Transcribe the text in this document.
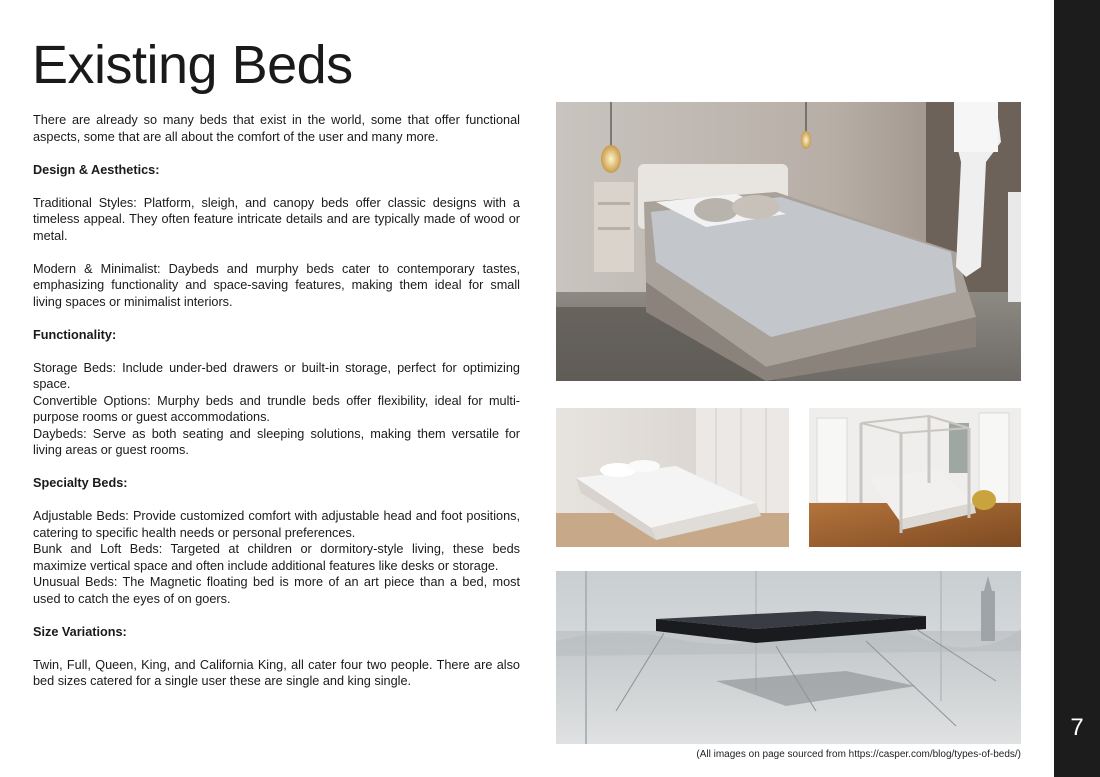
7
Existing Beds

There are already so many beds that exist in the world, some that offer functional aspects, some that are all about the comfort of the user and many more.

Design & Aesthetics:

Traditional Styles: Platform, sleigh, and canopy beds offer classic designs with a timeless appeal. They often feature intricate details and are typically made of wood or metal.

Modern & Minimalist: Daybeds and murphy beds cater to contemporary tastes, emphasizing functionality and space-saving features, making them ideal for small living spaces or minimalist interiors.

Functionality:

Storage Beds: Include under-bed drawers or built-in storage, perfect for optimizing space.
Convertible Options: Murphy beds and trundle beds offer flexibility, ideal for multi-purpose rooms or guest accommodations.
Daybeds: Serve as both seating and sleeping solutions, making them versatile for living areas or guest rooms.

Specialty Beds:

Adjustable Beds: Provide customized comfort with adjustable head and foot positions, catering to specific health needs or personal preferences.
Bunk and Loft Beds: Targeted at children or dormitory-style living, these beds maximize vertical space and often include additional features like desks or storage.
Unusual Beds: The Magnetic floating bed is more of an art piece than a bed, most used to catch the eyes of on goers.

Size Variations:

Twin, Full, Queen, King, and California King, all cater four two people. There are also bed sizes catered for a single user these are single and king single.

(All images on page sourced from https://casper.com/blog/types-of-beds/)
